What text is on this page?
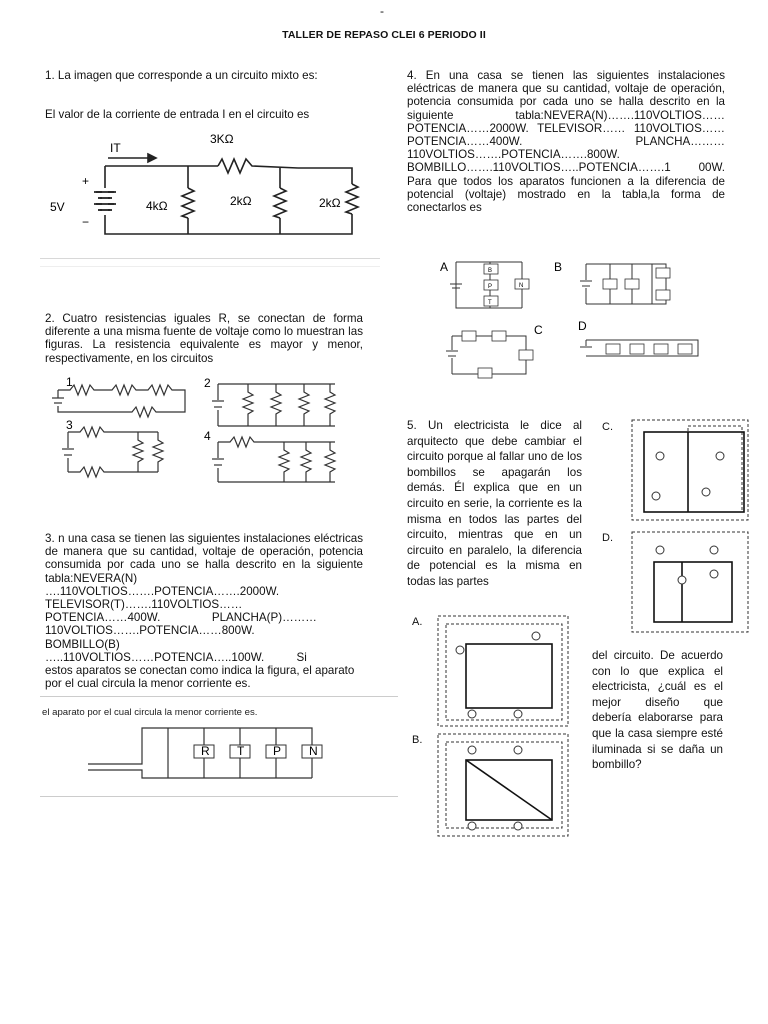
-
TALLER DE REPASO CLEI 6 PERIODO II

1. La imagen que corresponde a un circuito mixto es:

El valor de la corriente de entrada I en el circuito es
IT
3KΩ
+
−
5V	4kΩ	2kΩ	2kΩ
2. Cuatro resistencias iguales R, se conectan de forma diferente a una misma fuente de voltaje como lo muestran las figuras. La resistencia equivalente es mayor y menor, respectivamente, en los circuitos
1	2
3
4

3. n una casa se tienen las siguientes instalaciones eléctricas de manera que su cantidad, voltaje de operación, potencia consumida por cada uno se halla descrito en la siguiente tabla:NEVERA(N)

….110VOLTIOS…….POTENCIA…….2000W.

TELEVISOR(T)…….110VOLTIOS……

POTENCIA……400W.                PLANCHA(P)………

110VOLTIOS…….POTENCIA……800W.

BOMBILLO(B)

…..110VOLTIOS……POTENCIA…..100W.          Si

estos aparatos se conectan como indica la figura, el aparato por el cual circula la menor corriente es.

el aparato por el cual circula la menor corriente es.
R T P N
4. En una casa se tienen las siguientes instalaciones eléctricas de manera que su cantidad, voltaje de operación, potencia consumida por cada uno se halla descrito en la siguiente tabla:NEVERA(N)…….110VOLTIOS……POTENCIA……2000W. TELEVISOR…… 110VOLTIOS……POTENCIA……400W. PLANCHA……… 110VOLTIOS…….POTENCIA…….800W. BOMBILLO…….110VOLTIOS…..POTENCIA…….1 00W. Para que todos los aparatos funcionen a la diferencia de potencial (voltaje) mostrado en la tabla,la forma de conectarlos es
A	B
C	D
B
P
T
N
5. Un electricista le dice al arquitecto que debe cambiar el circuito porque al fallar uno de los bombillos se apagarán los demás. Él explica que en un circuito en serie, la corriente es la misma en todos las partes del circuito, mientras que en un circuito en paralelo, la diferencia de potencial es la misma en todas las partes
del circuito. De acuerdo con lo que explica el electricista, ¿cuál es el mejor diseño que debería elaborarse para que la casa siempre esté iluminada si se daña un bombillo?
C.
D.
A.
B.
